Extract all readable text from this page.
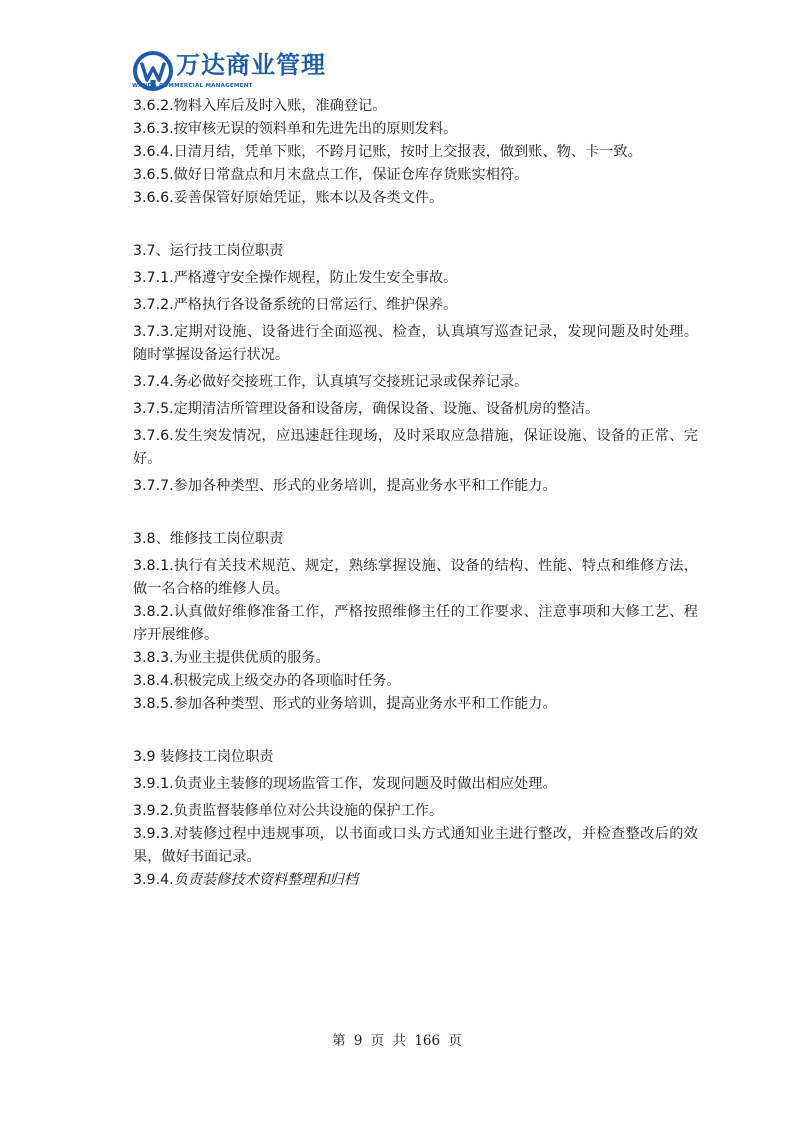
万达商业管理
WANDA COMMERCIAL MANAGEMENT

3.6.2.物料入库后及时入账，准确登记。

3.6.3.按审核无误的领料单和先进先出的原则发料。

3.6.4.日清月结，凭单下账，不跨月记账，按时上交报表，做到账、物、卡一致。

3.6.5.做好日常盘点和月末盘点工作，保证仓库存货账实相符。

3.6.6.妥善保管好原始凭证，账本以及各类文件。

3.7、运行技工岗位职责

3.7.1.严格遵守安全操作规程，防止发生安全事故。

3.7.2.严格执行各设备系统的日常运行、维护保养。

3.7.3.定期对设施、设备进行全面巡视、检查，认真填写巡查记录，发现问题及时处理。随时掌握设备运行状况。

3.7.4.务必做好交接班工作，认真填写交接班记录或保养记录。

3.7.5.定期清洁所管理设备和设备房，确保设备、设施、设备机房的整洁。

3.7.6.发生突发情况，应迅速赶往现场，及时采取应急措施，保证设施、设备的正常、完好。

3.7.7.参加各种类型、形式的业务培训，提高业务水平和工作能力。

3.8、维修技工岗位职责

3.8.1.执行有关技术规范、规定，熟练掌握设施、设备的结构、性能、特点和维修方法，做一名合格的维修人员。

3.8.2.认真做好维修准备工作，严格按照维修主任的工作要求、注意事项和大修工艺、程序开展维修。

3.8.3.为业主提供优质的服务。

3.8.4.积极完成上级交办的各项临时任务。

3.8.5.参加各种类型、形式的业务培训，提高业务水平和工作能力。

3.9 装修技工岗位职责

3.9.1.负责业主装修的现场监管工作，发现问题及时做出相应处理。

3.9.2.负责监督装修单位对公共设施的保护工作。

3.9.3.对装修过程中违规事项，以书面或口头方式通知业主进行整改，并检查整改后的效果，做好书面记录。

3.9.4.负责装修技术资料整理和归档

第 9 页 共 166 页
